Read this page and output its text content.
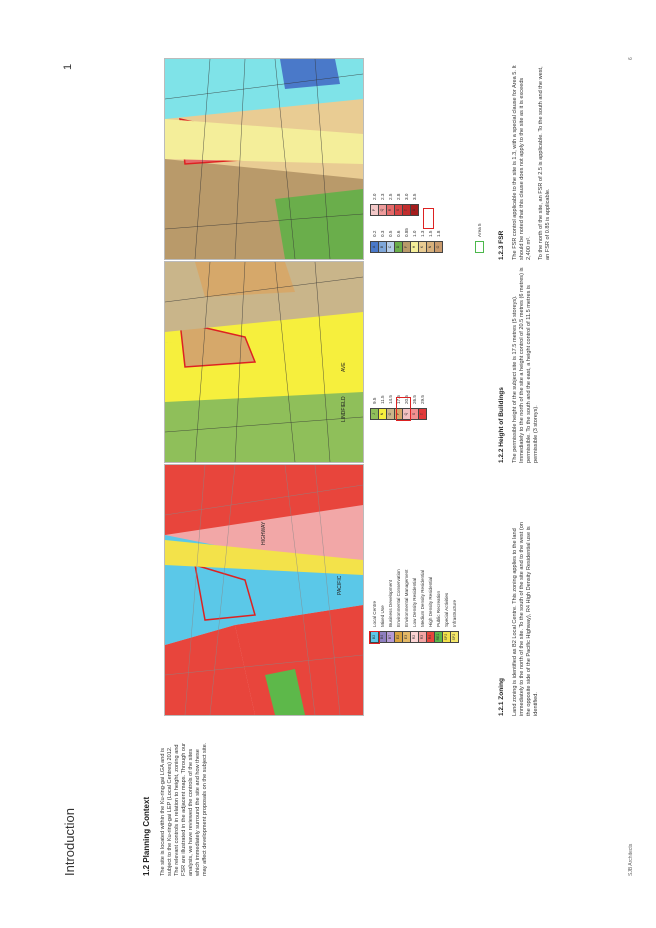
Introduction
1
1.2 Planning Context The site is located within the Ku-ring-gai LGA and is subject to the Ku-ring-gai LEP (Local Centres) 2012. The relevant controls in relation to height, zoning and FSR are illustrated in the adjacent maps. Through our analysis, we have reviewed the controls of the sites which immediately surround the site and how these may affect development proposals on the subject site.
PACIFIC
HIGHWAY
B2
Local Centre
B4
Mixed Use
B7
Business Development
E2
Environmental Conservation
E3
Environmental Management
R2
Low Density Residential
R3
Medium Density Residential
R4
High Density Residential
RE1
Public Recreation
SP2
Special Activities
SP2
Infrastructure
1.2.1 Zoning Land zoning is identified as B2 Local Centre. This zoning applies to the land immediately to the north of the site. To the south of the site and to the west (on the opposite side of the Pacific Highway), R4 High Density Residential use is identified.
LINDFIELD
AVE
J
9.5
N
11.5
O
14.5
P
17.5
Q
20.5
S
26.5
T
29.5	1.2.2 Height of Buildings The permissible height of the subject site is 17.5 metres (5 storeys). Immediately to the north of the site a height control of 20.5 metres (6 metres) is permissible. To the south and the east, a height control of 11.5 metres is permissible (3 storeys).
A
0.2
B
0.3
C
0.5
D
0.6
F
0.85
H
1.0
K
1.3
N
1.5
O
1.8
P
2.0
Q
2.3
R
2.5
S
2.8
T
3.0
U
3.5
Area 5
1.2.3 FSR The FSR control applicable to the site is 1.3, with a special clause for Area 5. It should be noted that this clause does not apply to the site as it is exceeds 2,400 m². To the north of the site, an FSR of 2.5 is applicable. To the south and the west, an FSR of 0.85 is applicable.
SJB Architects
6
